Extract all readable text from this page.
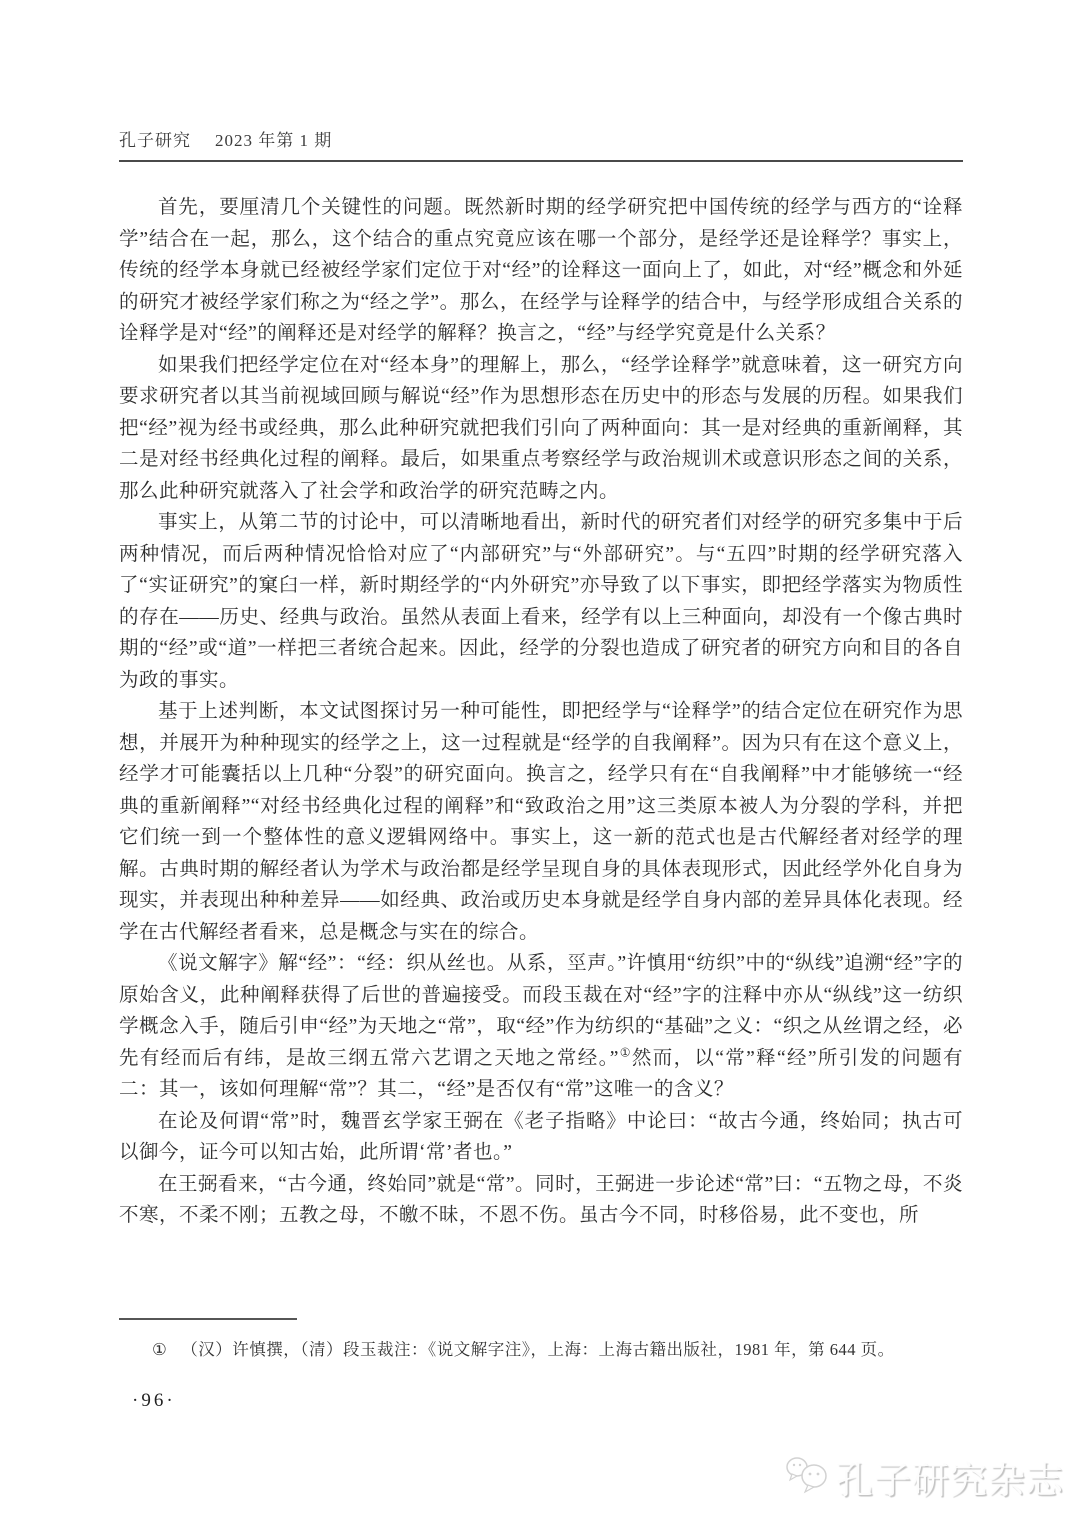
孔子研究 2023 年第 1 期

首先，要厘清几个关键性的问题。既然新时期的经学研究把中国传统的经学与西方的“诠释学”结合在一起，那么，这个结合的重点究竟应该在哪一个部分，是经学还是诠释学？事实上，传统的经学本身就已经被经学家们定位于对“经”的诠释这一面向上了，如此，对“经”概念和外延的研究才被经学家们称之为“经之学”。那么，在经学与诠释学的结合中，与经学形成组合关系的诠释学是对“经”的阐释还是对经学的解释？换言之，“经”与经学究竟是什么关系？

如果我们把经学定位在对“经本身”的理解上，那么，“经学诠释学”就意味着，这一研究方向要求研究者以其当前视域回顾与解说“经”作为思想形态在历史中的形态与发展的历程。如果我们把“经”视为经书或经典，那么此种研究就把我们引向了两种面向：其一是对经典的重新阐释，其二是对经书经典化过程的阐释。最后，如果重点考察经学与政治规训术或意识形态之间的关系，那么此种研究就落入了社会学和政治学的研究范畴之内。

事实上，从第二节的讨论中，可以清晰地看出，新时代的研究者们对经学的研究多集中于后两种情况，而后两种情况恰恰对应了“内部研究”与“外部研究”。与“五四”时期的经学研究落入了“实证研究”的窠臼一样，新时期经学的“内外研究”亦导致了以下事实，即把经学落实为物质性的存在——历史、经典与政治。虽然从表面上看来，经学有以上三种面向，却没有一个像古典时期的“经”或“道”一样把三者统合起来。因此，经学的分裂也造成了研究者的研究方向和目的各自为政的事实。

基于上述判断，本文试图探讨另一种可能性，即把经学与“诠释学”的结合定位在研究作为思想，并展开为种种现实的经学之上，这一过程就是“经学的自我阐释”。因为只有在这个意义上，经学才可能囊括以上几种“分裂”的研究面向。换言之，经学只有在“自我阐释”中才能够统一“经典的重新阐释”“对经书经典化过程的阐释”和“致政治之用”这三类原本被人为分裂的学科，并把它们统一到一个整体性的意义逻辑网络中。事实上，这一新的范式也是古代解经者对经学的理解。古典时期的解经者认为学术与政治都是经学呈现自身的具体表现形式，因此经学外化自身为现实，并表现出种种差异——如经典、政治或历史本身就是经学自身内部的差异具体化表现。经学在古代解经者看来，总是概念与实在的综合。

《说文解字》解“经”：“经：织从丝也。从系，巠声。”许慎用“纺织”中的“纵线”追溯“经”字的原始含义，此种阐释获得了后世的普遍接受。而段玉裁在对“经”字的注释中亦从“纵线”这一纺织学概念入手，随后引申“经”为天地之“常”，取“经”作为纺织的“基础”之义：“织之从丝谓之经，必先有经而后有纬，是故三纲五常六艺谓之天地之常经。”①然而，以“常”释“经”所引发的问题有二：其一，该如何理解“常”？其二，“经”是否仅有“常”这唯一的含义？

在论及何谓“常”时，魏晋玄学家王弼在《老子指略》中论曰：“故古今通，终始同；执古可以御今，证今可以知古始，此所谓‘常’者也。”

在王弼看来，“古今通，终始同”就是“常”。同时，王弼进一步论述“常”曰：“五物之母，不炎不寒，不柔不刚；五教之母，不皦不昧，不恩不伤。虽古今不同，时移俗易，此不变也，所

① （汉）许慎撰，（清）段玉裁注：《说文解字注》，上海：上海古籍出版社，1981 年，第 644 页。
·96·
孔子研究杂志
